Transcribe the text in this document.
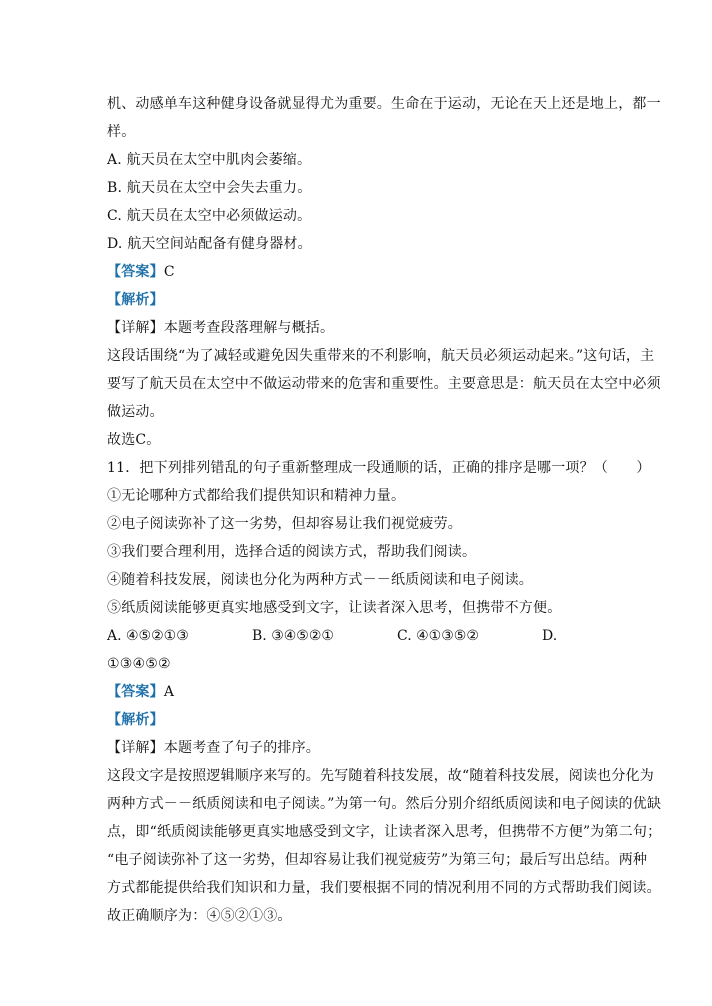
机、动感单车这种健身设备就显得尤为重要。生命在于运动，无论在天上还是地上，都一
样。
A. 航天员在太空中肌肉会萎缩。
B. 航天员在太空中会失去重力。
C. 航天员在太空中必须做运动。
D. 航天空间站配备有健身器材。
【答案】C
【解析】
【详解】本题考查段落理解与概括。
这段话围绕“为了减轻或避免因失重带来的不利影响，航天员必须运动起来。”这句话，主
要写了航天员在太空中不做运动带来的危害和重要性。主要意思是：航天员在太空中必须
做运动。
故选C。
11．把下列排列错乱的句子重新整理成一段通顺的话，正确的排序是哪一项？（　　）
①无论哪种方式都给我们提供知识和精神力量。
②电子阅读弥补了这一劣势，但却容易让我们视觉疲劳。
③我们要合理利用，选择合适的阅读方式，帮助我们阅读。
④随着科技发展，阅读也分化为两种方式－－纸质阅读和电子阅读。
⑤纸质阅读能够更真实地感受到文字，让读者深入思考，但携带不方便。
A. ④⑤②①③	B. ③④⑤②①	C. ④①③⑤②	D.
①③④⑤②
【答案】A
【解析】
【详解】本题考查了句子的排序。
这段文字是按照逻辑顺序来写的。先写随着科技发展，故“随着科技发展，阅读也分化为
两种方式－－纸质阅读和电子阅读。”为第一句。然后分别介绍纸质阅读和电子阅读的优缺
点，即“纸质阅读能够更真实地感受到文字，让读者深入思考，但携带不方便”为第二句；
“电子阅读弥补了这一劣势，但却容易让我们视觉疲劳”为第三句；最后写出总结。两种
方式都能提供给我们知识和力量，我们要根据不同的情况利用不同的方式帮助我们阅读。
故正确顺序为：④⑤②①③。
